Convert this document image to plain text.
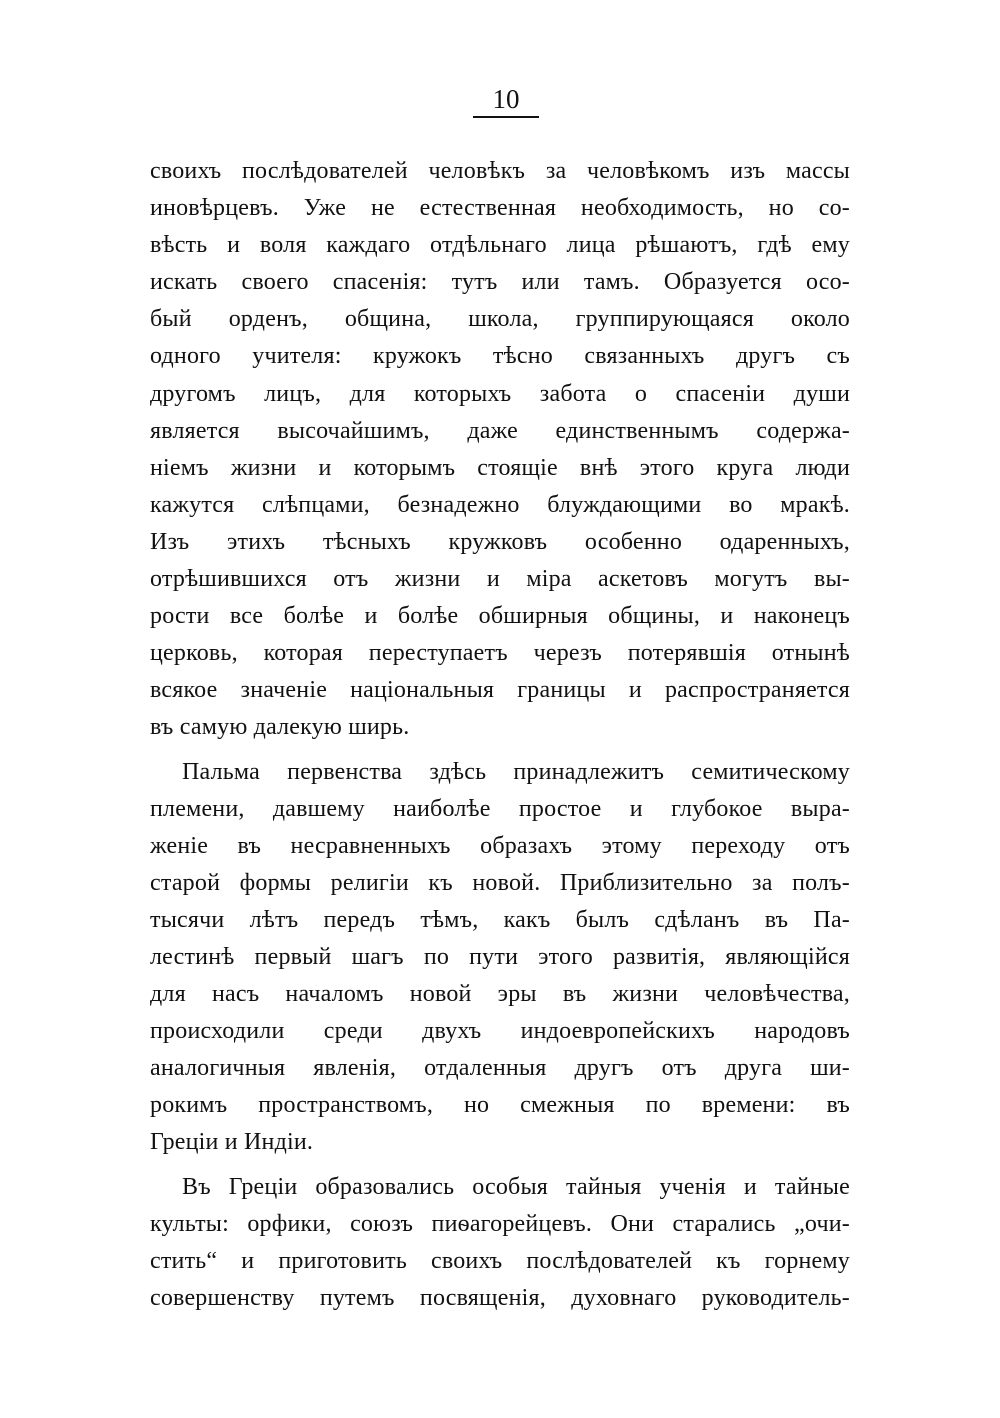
10
своихъ послѣдователей человѣкъ за человѣкомъ изъ массы
иновѣрцевъ. Уже не естественная необходимость, но со-
вѣсть и воля каждаго отдѣльнаго лица рѣшаютъ, гдѣ ему
искать своего спасенія: тутъ или тамъ. Образуется осо-
бый орденъ, община, школа, группирующаяся около
одного учителя: кружокъ тѣсно связанныхъ другъ съ
другомъ лицъ, для которыхъ забота о спасеніи души
является высочайшимъ, даже единственнымъ содержа-
ніемъ жизни и которымъ стоящіе внѣ этого круга люди
кажутся слѣпцами, безнадежно блуждающими во мракѣ.
Изъ этихъ тѣсныхъ кружковъ особенно одаренныхъ,
отрѣшившихся отъ жизни и міра аскетовъ могутъ вы-
рости все болѣе и болѣе обширныя общины, и наконецъ
церковь, которая переступаетъ черезъ потерявшія отнынѣ
всякое значеніе національныя границы и распространяется
въ самую далекую ширь.
Пальма первенства здѣсь принадлежитъ семитическому
племени, давшему наиболѣе простое и глубокое выра-
женіе въ несравненныхъ образахъ этому переходу отъ
старой формы религіи къ новой. Приблизительно за полъ-
тысячи лѣтъ передъ тѣмъ, какъ былъ сдѣланъ въ Па-
лестинѣ первый шагъ по пути этого развитія, являющійся
для насъ началомъ новой эры въ жизни человѣчества,
происходили среди двухъ индоевропейскихъ народовъ
аналогичныя явленія, отдаленныя другъ отъ друга ши-
рокимъ пространствомъ, но смежныя по времени: въ
Греціи и Индіи.
Въ Греціи образовались особыя тайныя ученія и тайные
культы: орфики, союзъ пиѳагорейцевъ. Они старались „очи-
стить“ и приготовить своихъ послѣдователей къ горнему
совершенству путемъ посвященія, духовнаго руководитель-
